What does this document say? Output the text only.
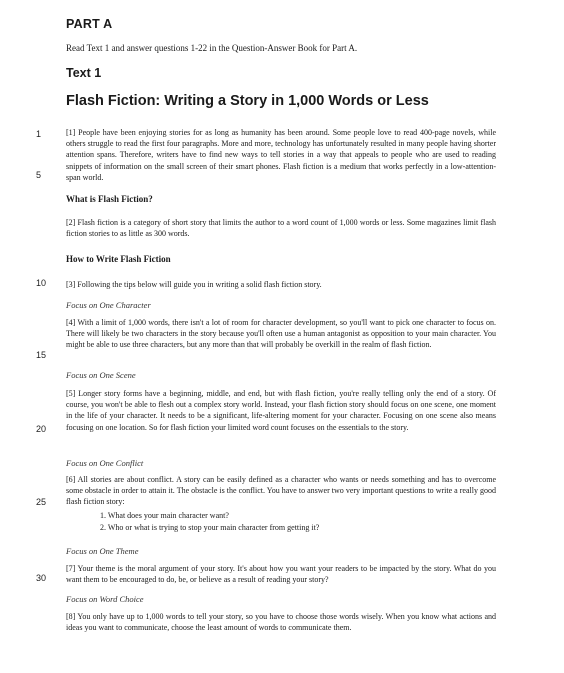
PART A
Read Text 1 and answer questions 1-22 in the Question-Answer Book for Part A.
Text 1
Flash Fiction: Writing a Story in 1,000 Words or Less
1
5
10
15
20
25
30

[1] People have been enjoying stories for as long as humanity has been around. Some people love to read 400-page novels, while others struggle to read the first four paragraphs. More and more, technology has unfortunately resulted in many people having shorter attention spans. Therefore, writers have to find new ways to tell stories in a way that appeals to people who are used to reading snippets of information on the small screen of their smart phones. Flash fiction is a medium that works perfectly in a low-attention-span world.

What is Flash Fiction?

[2] Flash fiction is a category of short story that limits the author to a word count of 1,000 words or less. Some magazines limit flash fiction stories to as little as 300 words.

How to Write Flash Fiction

[3] Following the tips below will guide you in writing a solid flash fiction story.

Focus on One Character

[4] With a limit of 1,000 words, there isn't a lot of room for character development, so you'll want to pick one character to focus on. There will likely be two characters in the story because you'll often use a human antagonist as opposition to your main character. You might be able to use three characters, but any more than that will probably be overkill in the realm of flash fiction.

Focus on One Scene

[5] Longer story forms have a beginning, middle, and end, but with flash fiction, you're really telling only the end of a story. Of course, you won't be able to flesh out a complex story world. Instead, your flash fiction story should focus on one scene, one moment in the life of your character. It needs to be a significant, life-altering moment for your character. Focusing on one scene also means focusing on one location. So for flash fiction your limited word count focuses on the essentials to the story.

Focus on One Conflict

[6] All stories are about conflict. A story can be easily defined as a character who wants or needs something and has to overcome some obstacle in order to attain it. The obstacle is the conflict. You have to answer two very important questions to write a really good flash fiction story:

1. What does your main character want?
2. Who or what is trying to stop your main character from getting it?
Focus on One Theme

[7] Your theme is the moral argument of your story. It's about how you want your readers to be impacted by the story. What do you want them to be encouraged to do, be, or believe as a result of reading your story?

Focus on Word Choice

[8] You only have up to 1,000 words to tell your story, so you have to choose those words wisely. When you know what actions and ideas you want to communicate, choose the least amount of words to communicate them.
